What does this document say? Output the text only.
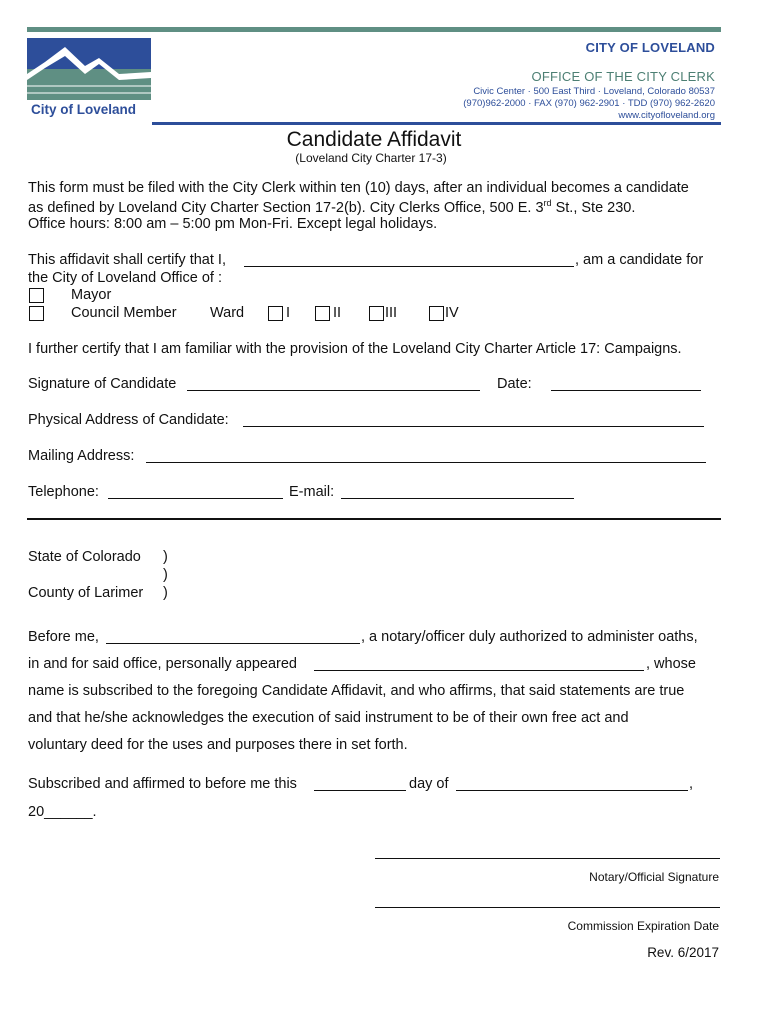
City of Loveland
CITY OF LOVELAND
OFFICE OF THE CITY CLERK
Civic Center · 500 East Third · Loveland, Colorado 80537
(970)962-2000 · FAX (970) 962-2901 · TDD (970) 962-2620
www.cityofloveland.org
Candidate Affidavit
(Loveland City Charter 17-3)
This form must be filed with the City Clerk within ten (10) days, after an individual becomes a candidate
as defined by Loveland City Charter Section 17-2(b). City Clerks Office, 500 E. 3rd St., Ste 230.
Office hours: 8:00 am – 5:00 pm Mon-Fri. Except legal holidays.
This affidavit shall certify that I,	, am a candidate for
the City of Loveland Office of :
Mayor
Council Member Ward	I	II	III	IV
I further certify that I am familiar with the provision of the Loveland City Charter Article 17: Campaigns.
Signature of Candidate	Date:
Physical Address of Candidate:
Mailing Address:
Telephone:	E-mail:
State of Colorado )
)
County of Larimer )
Before me,	, a notary/officer duly authorized to administer oaths,
in and for said office, personally appeared	, whose
name is subscribed to the foregoing Candidate Affidavit, and who affirms, that said statements are true
and that he/she acknowledges the execution of said instrument to be of their own free act and
voluntary deed for the uses and purposes there in set forth.
Subscribed and affirmed to before me this	day of	,
20______.
Notary/Official Signature
Commission Expiration Date
Rev. 6/2017
